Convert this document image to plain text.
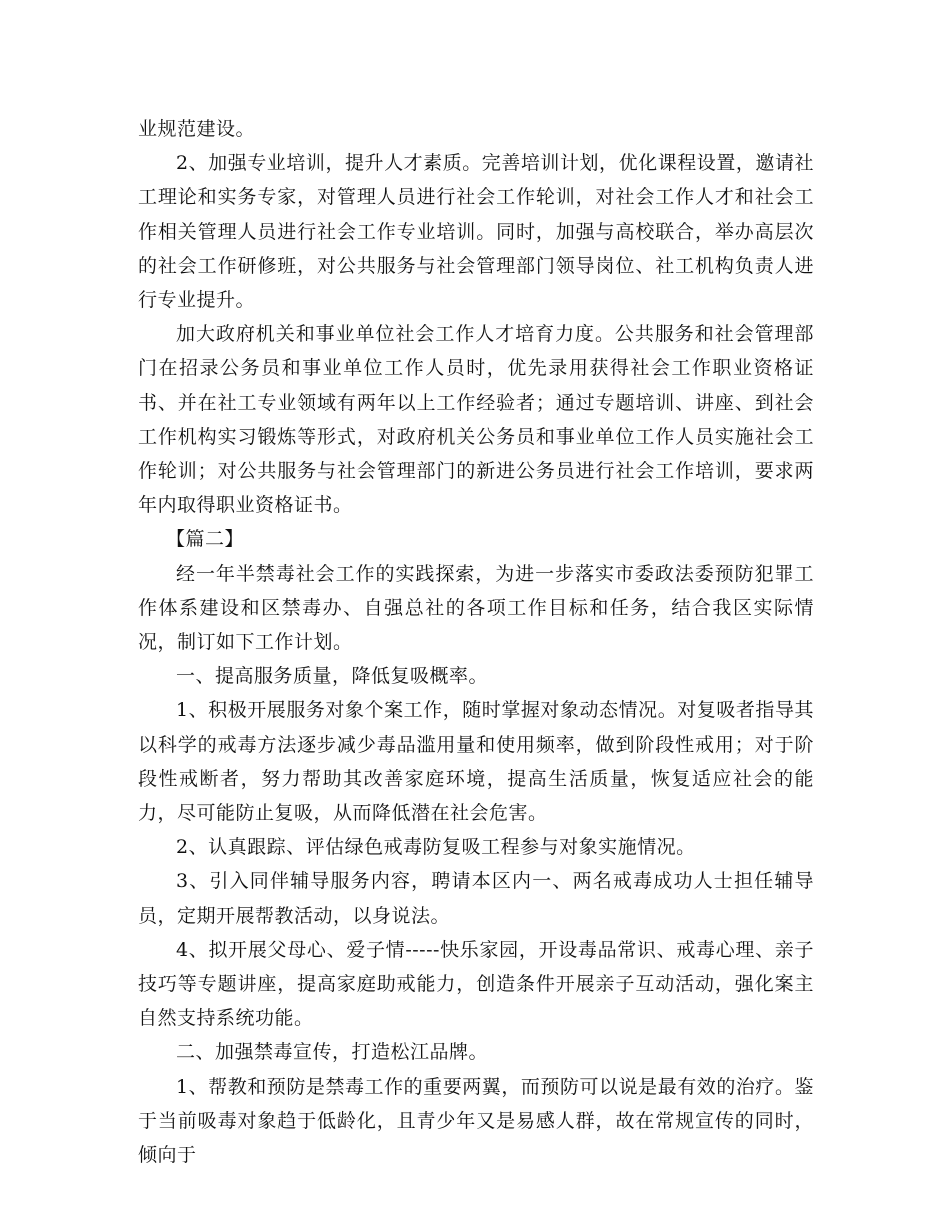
业规范建设。

2、加强专业培训，提升人才素质。完善培训计划，优化课程设置，邀请社工理论和实务专家，对管理人员进行社会工作轮训，对社会工作人才和社会工作相关管理人员进行社会工作专业培训。同时，加强与高校联合，举办高层次的社会工作研修班，对公共服务与社会管理部门领导岗位、社工机构负责人进行专业提升。

加大政府机关和事业单位社会工作人才培育力度。公共服务和社会管理部门在招录公务员和事业单位工作人员时，优先录用获得社会工作职业资格证书、并在社工专业领域有两年以上工作经验者；通过专题培训、讲座、到社会工作机构实习锻炼等形式，对政府机关公务员和事业单位工作人员实施社会工作轮训；对公共服务与社会管理部门的新进公务员进行社会工作培训，要求两年内取得职业资格证书。

【篇二】

经一年半禁毒社会工作的实践探索，为进一步落实市委政法委预防犯罪工作体系建设和区禁毒办、自强总社的各项工作目标和任务，结合我区实际情况，制订如下工作计划。

一、提高服务质量，降低复吸概率。

1、积极开展服务对象个案工作，随时掌握对象动态情况。对复吸者指导其以科学的戒毒方法逐步减少毒品滥用量和使用频率，做到阶段性戒用；对于阶段性戒断者，努力帮助其改善家庭环境，提高生活质量，恢复适应社会的能力，尽可能防止复吸，从而降低潜在社会危害。

2、认真跟踪、评估绿色戒毒防复吸工程参与对象实施情况。

3、引入同伴辅导服务内容，聘请本区内一、两名戒毒成功人士担任辅导员，定期开展帮教活动，以身说法。

4、拟开展父母心、爱子情-----快乐家园，开设毒品常识、戒毒心理、亲子技巧等专题讲座，提高家庭助戒能力，创造条件开展亲子互动活动，强化案主自然支持系统功能。

二、加强禁毒宣传，打造松江品牌。

1、帮教和预防是禁毒工作的重要两翼，而预防可以说是最有效的治疗。鉴于当前吸毒对象趋于低龄化，且青少年又是易感人群，故在常规宣传的同时，倾向于
